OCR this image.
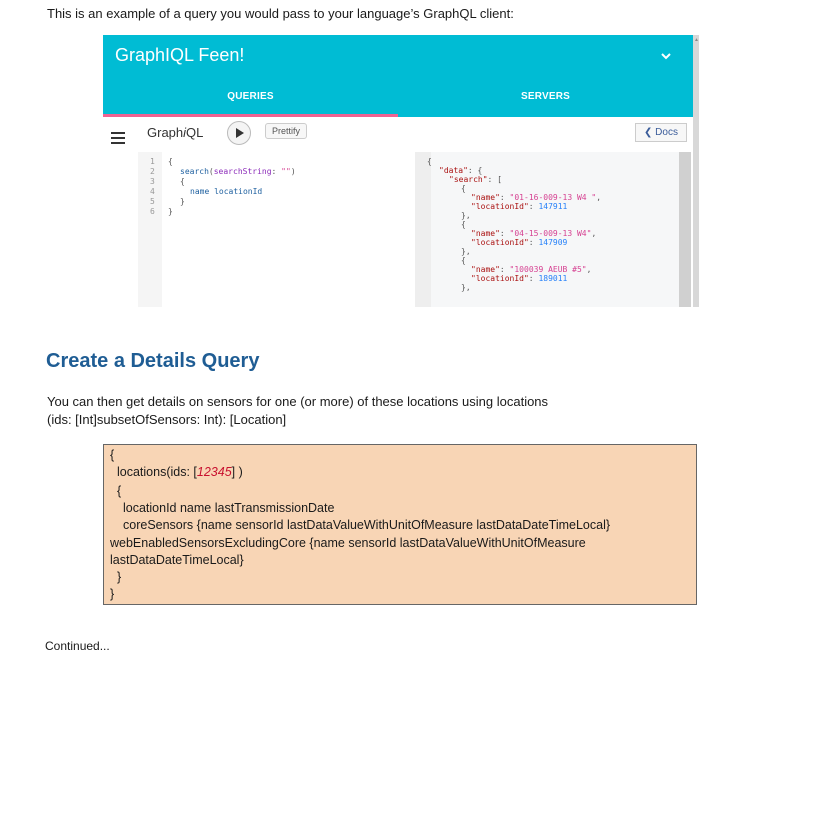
This is an example of a query you would pass to your language’s GraphQL client:
GraphIQL Feen!
QUERIES	SERVERS
▲
GraphiQL	Prettify	❮ Docs
1
2
3
4
5
6
{
search(searchString: "")
{
name locationId
}
}
{
"data": {
"search": [
{
"name": "01-16-009-13 W4 ",
"locationId": 147911
},
{
"name": "04-15-009-13 W4",
"locationId": 147909
},
{
"name": "100039 AEUB #5",
"locationId": 189011
},
Create a Details Query
You can then get details on sensors for one (or more) of these locations using locations
(ids: [Int]subsetOfSensors: Int): [Location]
{
locations(ids: [12345] )
{
locationId name lastTransmissionDate
coreSensors {name sensorId lastDataValueWithUnitOfMeasure lastDataDateTimeLocal}
webEnabledSensorsExcludingCore {name sensorId lastDataValueWithUnitOfMeasure
lastDataDateTimeLocal}
}
}
Continued...
